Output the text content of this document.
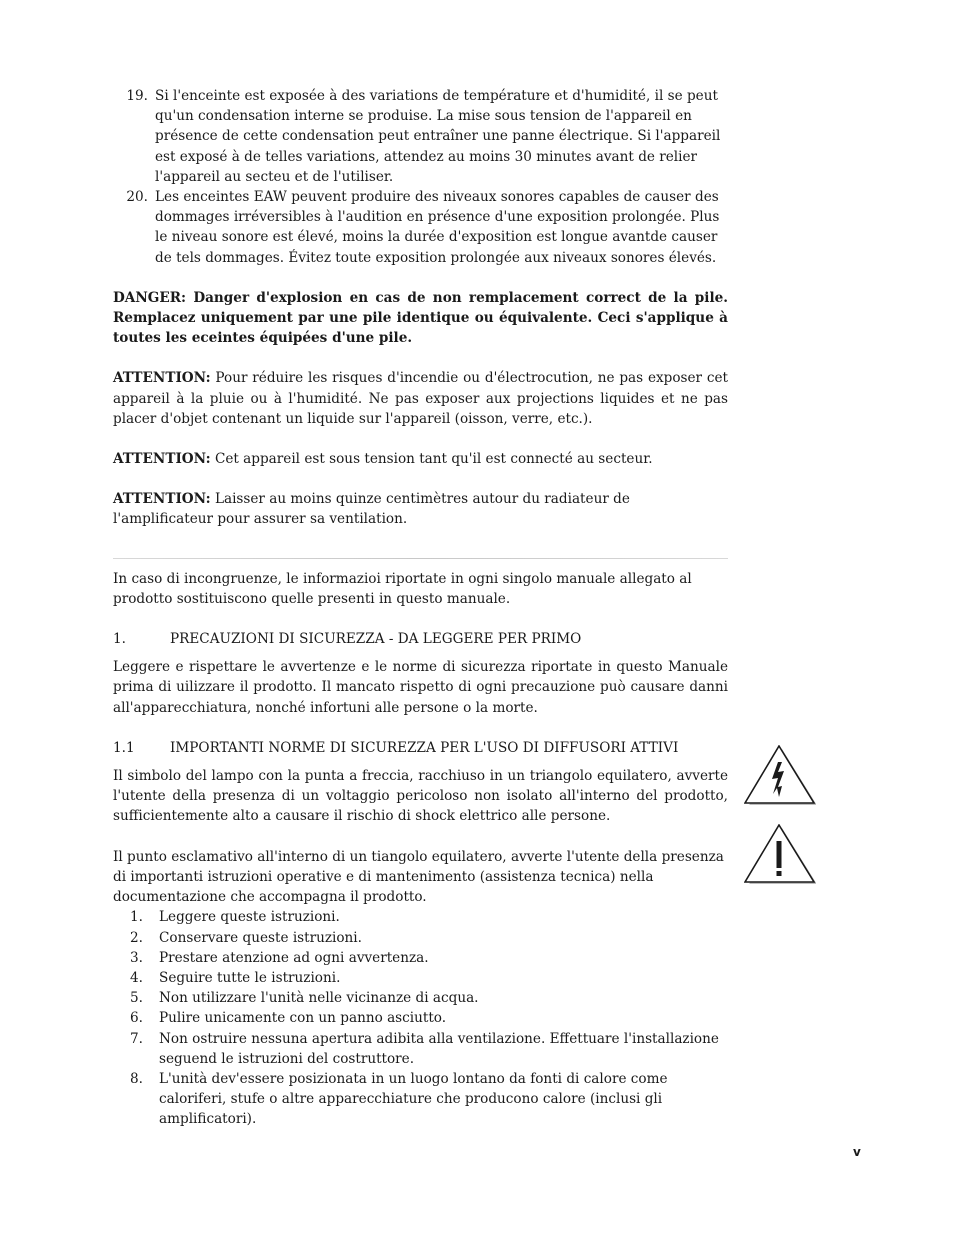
19. Si l'enceinte est exposée à des variations de température et d'humidité, il se peut qu'un condensation interne se produise. La mise sous tension de l'appareil en présence de cette condensation peut entraîner une panne électrique. Si l'appareil est exposé à de telles variations, attendez au moins 30 minutes avant de relier l'appareil au secteu et de l'utiliser.
20. Les enceintes EAW peuvent produire des niveaux sonores capables de causer des dommages irréversibles à l'audition en présence d'une exposition prolongée. Plus le niveau sonore est élevé, moins la durée d'exposition est longue avantde causer de tels dommages. Évitez toute exposition prolongée aux niveaux sonores élevés.

DANGER: Danger d'explosion en cas de non remplacement correct de la pile. Remplacez uniquement par une pile identique ou équivalente. Ceci s'applique à toutes les eceintes équipées d'une pile.

ATTENTION: Pour réduire les risques d'incendie ou d'électrocution, ne pas exposer cet appareil à la pluie ou à l'humidité. Ne pas exposer aux projections liquides et ne pas placer d'objet contenant un liquide sur l'appareil (oisson, verre, etc.).

ATTENTION: Cet appareil est sous tension tant qu'il est connecté au secteur.

ATTENTION: Laisser au moins quinze centimètres autour du radiateur de l'amplificateur pour assurer sa ventilation.

In caso di incongruenze, le informazioi riportate in ogni singolo manuale allegato al prodotto sostituiscono quelle presenti in questo manuale.

1.	PRECAUZIONI DI SICUREZZA - DA LEGGERE PER PRIMO

Leggere e rispettare le avvertenze e le norme di sicurezza riportate in questo Manuale prima di uilizzare il prodotto. Il mancato rispetto di ogni precauzione può causare danni all'apparecchiatura, nonché infortuni alle persone o la morte.

1.1	IMPORTANTI NORME DI SICUREZZA PER L'USO DI DIFFUSORI ATTIVI

Il simbolo del lampo con la punta a freccia, racchiuso in un triangolo equilatero, avverte l'utente della presenza di un voltaggio pericoloso non isolato all'interno del prodotto, sufficientemente alto a causare il rischio di shock elettrico alle persone.

Il punto esclamativo all'interno di un tiangolo equilatero, avverte l'utente della presenza di importanti istruzioni operative e di mantenimento (assistenza tecnica) nella documentazione che accompagna il prodotto.

1. Leggere queste istruzioni.
2. Conservare queste istruzioni.
3. Prestare atenzione ad ogni avvertenza.
4. Seguire tutte le istruzioni.
5. Non utilizzare l'unità nelle vicinanze di acqua.
6. Pulire unicamente con un panno asciutto.
7. Non ostruire nessuna apertura adibita alla ventilazione. Effettuare l'installazione seguend le istruzioni del costruttore.
8. L'unità dev'essere posizionata in un luogo lontano da fonti di calore come caloriferi, stufe o altre apparecchiature che producono calore (inclusi gli amplificatori).
v
